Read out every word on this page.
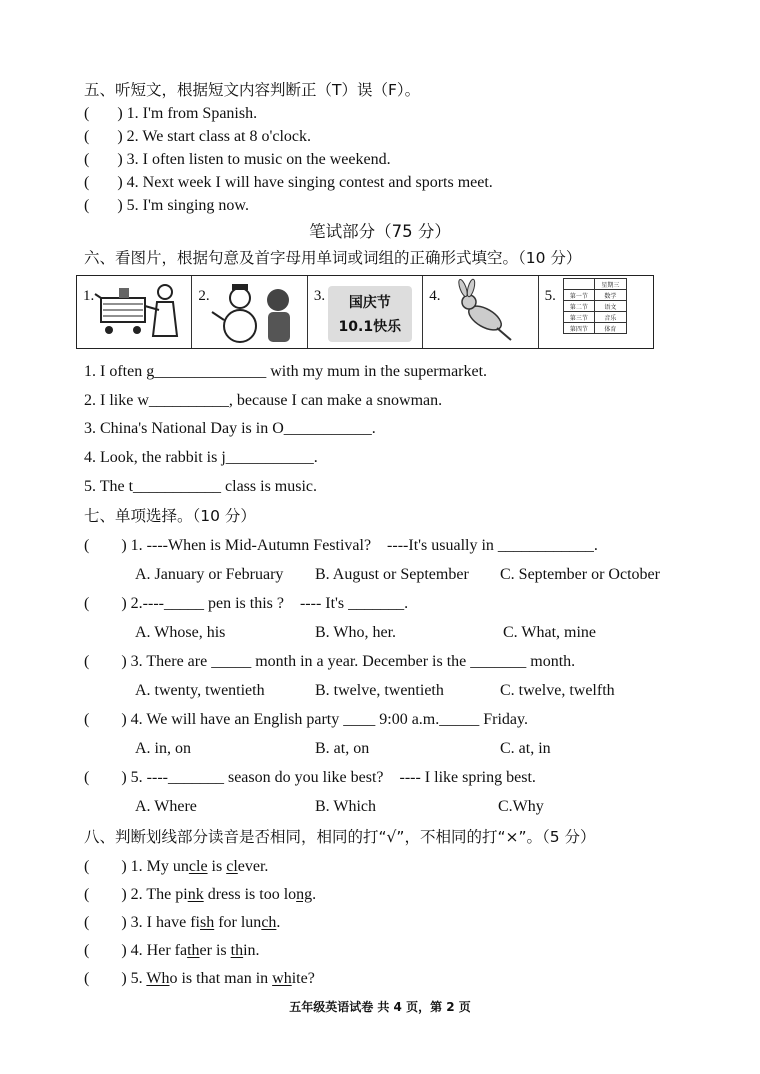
五、听短文，根据短文内容判断正（T）误（F）。
(       ) 1. I'm from Spanish.
(       ) 2. We start class at 8 o'clock.
(       ) 3. I often listen to music on the weekend.
(       ) 4. Next week I will have singing contest and sports meet.
(       ) 5. I'm singing now.
笔试部分（75 分）
六、看图片，根据句意及首字母用单词或词组的正确形式填空。（10 分）
1.	2.	3.	国庆节
10.1快乐
4.	5.
	星期三
第一节	数学
第二节	语文
第三节	音乐
第四节	体育
1. I often g______________ with my mum in the supermarket.
2. I like w__________, because I can make a snowman.
3. China's National Day is in O___________.
4. Look, the rabbit is j___________.
5. The t___________ class is music.
七、单项选择。（10 分）
(        ) 1. ----When is Mid-Autumn Festival?    ----It's usually in ____________.
A. January or February B. August or September C. September or October
(        ) 2.----_____ pen is this ?    ---- It's _______.
A. Whose, his	B. Who, her.	C. What, mine
(        ) 3. There are _____ month in a year. December is the _______ month.
A. twenty, twentieth	B. twelve, twentieth	C. twelve, twelfth
(        ) 4. We will have an English party ____ 9:00 a.m._____ Friday.
A. in, on	B. at, on	C. at, in
(        ) 5. ----_______ season do you like best?    ---- I like spring best.
A. Where	B. Which	C.Why
八、判断划线部分读音是否相同，相同的打“√”，不相同的打“×”。（5 分）
(        ) 1. My uncle is clever.
(        ) 2. The pink dress is too long.
(        ) 3. I have fish for lunch.
(        ) 4. Her father is thin.
(        ) 5. Who is that man in white?
五年级英语试卷 共 4 页，第 2 页
